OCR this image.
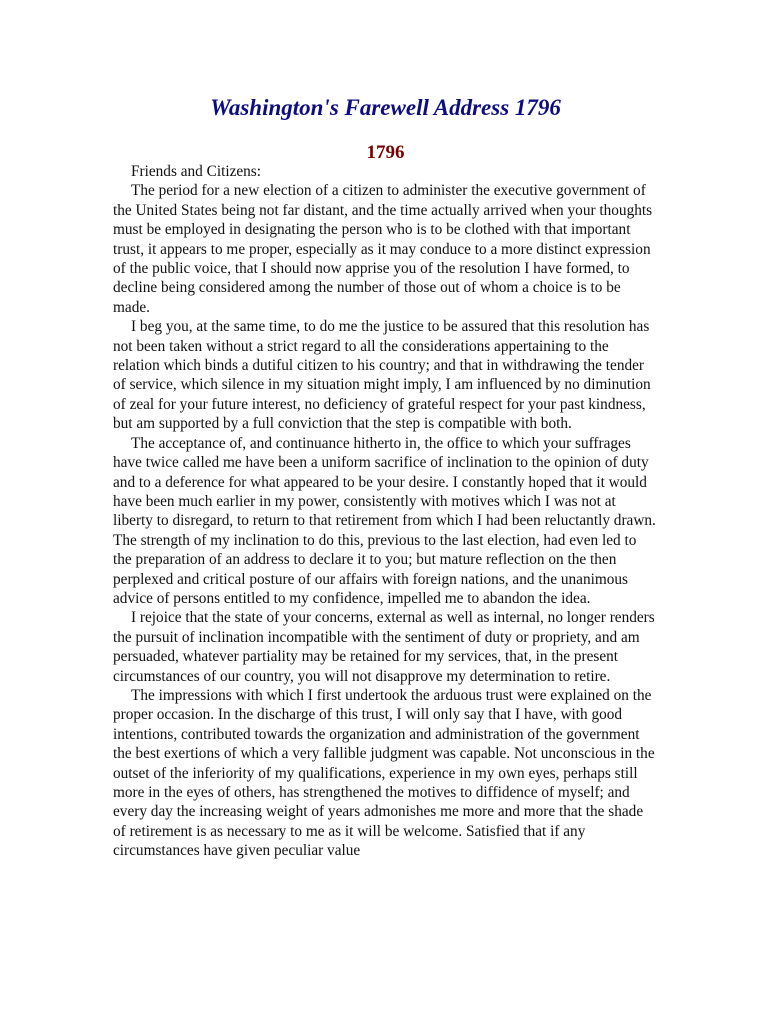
Washington's Farewell Address 1796
1796

Friends and Citizens:

The period for a new election of a citizen to administer the executive government of the United States being not far distant, and the time actually arrived when your thoughts must be employed in designating the person who is to be clothed with that important trust, it appears to me proper, especially as it may conduce to a more distinct expression of the public voice, that I should now apprise you of the resolution I have formed, to decline being considered among the number of those out of whom a choice is to be made.

I beg you, at the same time, to do me the justice to be assured that this resolution has not been taken without a strict regard to all the considerations appertaining to the relation which binds a dutiful citizen to his country; and that in withdrawing the tender of service, which silence in my situation might imply, I am influenced by no diminution of zeal for your future interest, no deficiency of grateful respect for your past kindness, but am supported by a full conviction that the step is compatible with both.

The acceptance of, and continuance hitherto in, the office to which your suffrages have twice called me have been a uniform sacrifice of inclination to the opinion of duty and to a deference for what appeared to be your desire. I constantly hoped that it would have been much earlier in my power, consistently with motives which I was not at liberty to disregard, to return to that retirement from which I had been reluctantly drawn. The strength of my inclination to do this, previous to the last election, had even led to the preparation of an address to declare it to you; but mature reflection on the then perplexed and critical posture of our affairs with foreign nations, and the unanimous advice of persons entitled to my confidence, impelled me to abandon the idea.

I rejoice that the state of your concerns, external as well as internal, no longer renders the pursuit of inclination incompatible with the sentiment of duty or propriety, and am persuaded, whatever partiality may be retained for my services, that, in the present circumstances of our country, you will not disapprove my determination to retire.

The impressions with which I first undertook the arduous trust were explained on the proper occasion. In the discharge of this trust, I will only say that I have, with good intentions, contributed towards the organization and administration of the government the best exertions of which a very fallible judgment was capable. Not unconscious in the outset of the inferiority of my qualifications, experience in my own eyes, perhaps still more in the eyes of others, has strengthened the motives to diffidence of myself; and every day the increasing weight of years admonishes me more and more that the shade of retirement is as necessary to me as it will be welcome. Satisfied that if any circumstances have given peculiar value
